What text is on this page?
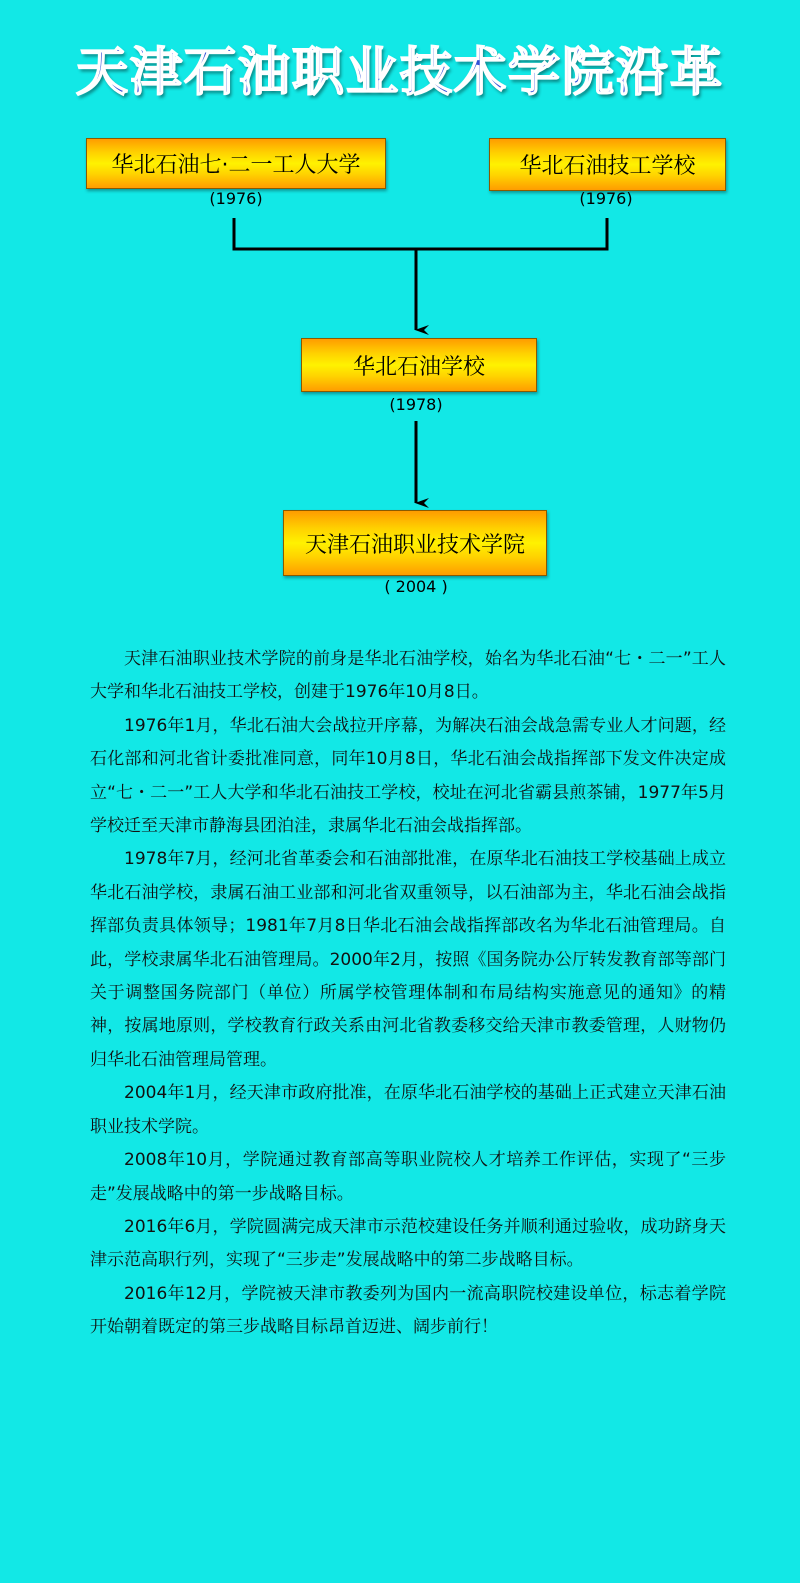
天津石油职业技术学院沿革
华北石油七·二一工人大学
(1976)
华北石油技工学校
(1976)
华北石油学校
(1978)
天津石油职业技术学院
( 2004 )

天津石油职业技术学院的前身是华北石油学校，始名为华北石油“七・二一”工人大学和华北石油技工学校，创建于1976年10月8日。

1976年1月，华北石油大会战拉开序幕，为解决石油会战急需专业人才问题，经石化部和河北省计委批准同意，同年10月8日，华北石油会战指挥部下发文件决定成立“七・二一”工人大学和华北石油技工学校，校址在河北省霸县煎茶铺，1977年5月学校迁至天津市静海县团泊洼，隶属华北石油会战指挥部。

1978年7月，经河北省革委会和石油部批准，在原华北石油技工学校基础上成立华北石油学校，隶属石油工业部和河北省双重领导，以石油部为主，华北石油会战指挥部负责具体领导；1981年7月8日华北石油会战指挥部改名为华北石油管理局。自此，学校隶属华北石油管理局。2000年2月，按照《国务院办公厅转发教育部等部门关于调整国务院部门（单位）所属学校管理体制和布局结构实施意见的通知》的精神，按属地原则，学校教育行政关系由河北省教委移交给天津市教委管理，人财物仍归华北石油管理局管理。

2004年1月，经天津市政府批准，在原华北石油学校的基础上正式建立天津石油职业技术学院。

2008年10月，学院通过教育部高等职业院校人才培养工作评估，实现了“三步走”发展战略中的第一步战略目标。

2016年6月，学院圆满完成天津市示范校建设任务并顺利通过验收，成功跻身天津示范高职行列，实现了“三步走”发展战略中的第二步战略目标。

2016年12月，学院被天津市教委列为国内一流高职院校建设单位，标志着学院开始朝着既定的第三步战略目标昂首迈进、阔步前行！
